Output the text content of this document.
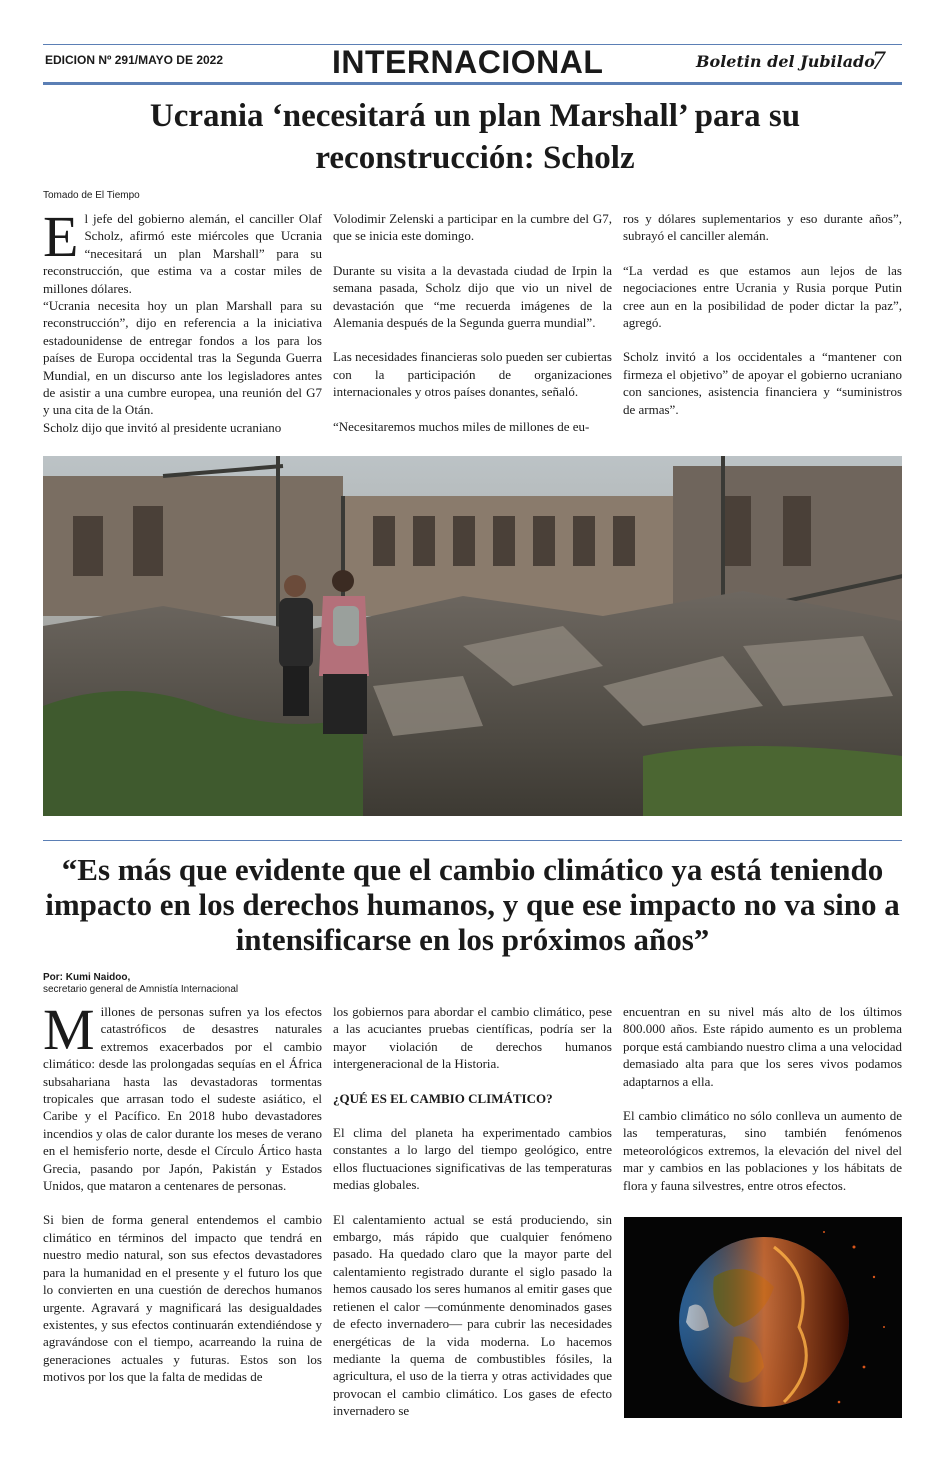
EDICION Nº 291/MAYO DE 2022	INTERNACIONAL	Boletin del Jubilado
7
Ucrania ‘necesitará un plan Marshall’ para su reconstrucción: Scholz
Tomado de El Tiempo

El jefe del gobierno alemán, el canciller Olaf Scholz, afirmó este miércoles que Ucrania “necesitará un plan Marshall” para su reconstrucción, que estima va a costar miles de millones dólares.

“Ucrania necesita hoy un plan Marshall para su reconstrucción”, dijo en referencia a la iniciativa estadounidense de entregar fondos a los para los países de Europa occidental tras la Segunda Guerra Mundial, en un discurso ante los legisladores antes de asistir a una cumbre europea, una reunión del G7 y una cita de la Otán.

Scholz dijo que invitó al presidente ucraniano

Volodimir Zelenski a participar en la cumbre del G7, que se inicia este domingo.

Durante su visita a la devastada ciudad de Irpin la semana pasada, Scholz dijo que vio un nivel de devastación que “me recuerda imágenes de la Alemania después de la Segunda guerra mundial”.

Las necesidades financieras solo pueden ser cubiertas con la participación de organizaciones internacionales y otros países donantes, señaló.

“Necesitaremos muchos miles de millones de eu-

ros y dólares suplementarios y eso durante años”, subrayó el canciller alemán.

“La verdad es que estamos aun lejos de las negociaciones entre Ucrania y Rusia porque Putin cree aun en la posibilidad de poder dictar la paz”, agregó.

Scholz invitó a los occidentales a “mantener con firmeza el objetivo” de apoyar el gobierno ucraniano con sanciones, asistencia financiera y “suministros de armas”.

“Es más que evidente que el cambio climático ya está teniendo impacto en los derechos humanos, y que ese impacto no va sino a intensificarse en los próximos años”
Por: Kumi Naidoo,
secretario general de Amnistía Internacional

Millones de personas sufren ya los efectos catastróficos de desastres naturales extremos exacerbados por el cambio climático: desde las prolongadas sequías en el África subsahariana hasta las devastadoras tormentas tropicales que arrasan todo el sudeste asiático, el Caribe y el Pacífico. En 2018 hubo devastadores incendios y olas de calor durante los meses de verano en el hemisferio norte, desde el Círculo Ártico hasta Grecia, pasando por Japón, Pakistán y Estados Unidos, que mataron a centenares de personas.

Si bien de forma general entendemos el cambio climático en términos del impacto que tendrá en nuestro medio natural, son sus efectos devastadores para la humanidad en el presente y el futuro los que lo convierten en una cuestión de derechos humanos urgente. Agravará y magnificará las desigualdades existentes, y sus efectos continuarán extendiéndose y agravándose con el tiempo, acarreando la ruina de generaciones actuales y futuras. Estos son los motivos por los que la falta de medidas de

los gobiernos para abordar el cambio climático, pese a las acuciantes pruebas científicas, podría ser la mayor violación de derechos humanos intergeneracional de la Historia.

¿QUÉ ES EL CAMBIO CLIMÁTICO?

El clima del planeta ha experimentado cambios constantes a lo largo del tiempo geológico, entre ellos fluctuaciones significativas de las temperaturas medias globales.

El calentamiento actual se está produciendo, sin embargo, más rápido que cualquier fenómeno pasado. Ha quedado claro que la mayor parte del calentamiento registrado durante el siglo pasado la hemos causado los seres humanos al emitir gases que retienen el calor —comúnmente denominados gases de efecto invernadero— para cubrir las necesidades energéticas de la vida moderna. Lo hacemos mediante la quema de combustibles fósiles, la agricultura, el uso de la tierra y otras actividades que provocan el cambio climático. Los gases de efecto invernadero se

encuentran en su nivel más alto de los últimos 800.000 años. Este rápido aumento es un problema porque está cambiando nuestro clima a una velocidad demasiado alta para que los seres vivos podamos adaptarnos a ella.

El cambio climático no sólo conlleva un aumento de las temperaturas, sino también fenómenos meteorológicos extremos, la elevación del nivel del mar y cambios en las poblaciones y los hábitats de flora y fauna silvestres, entre otros efectos.
